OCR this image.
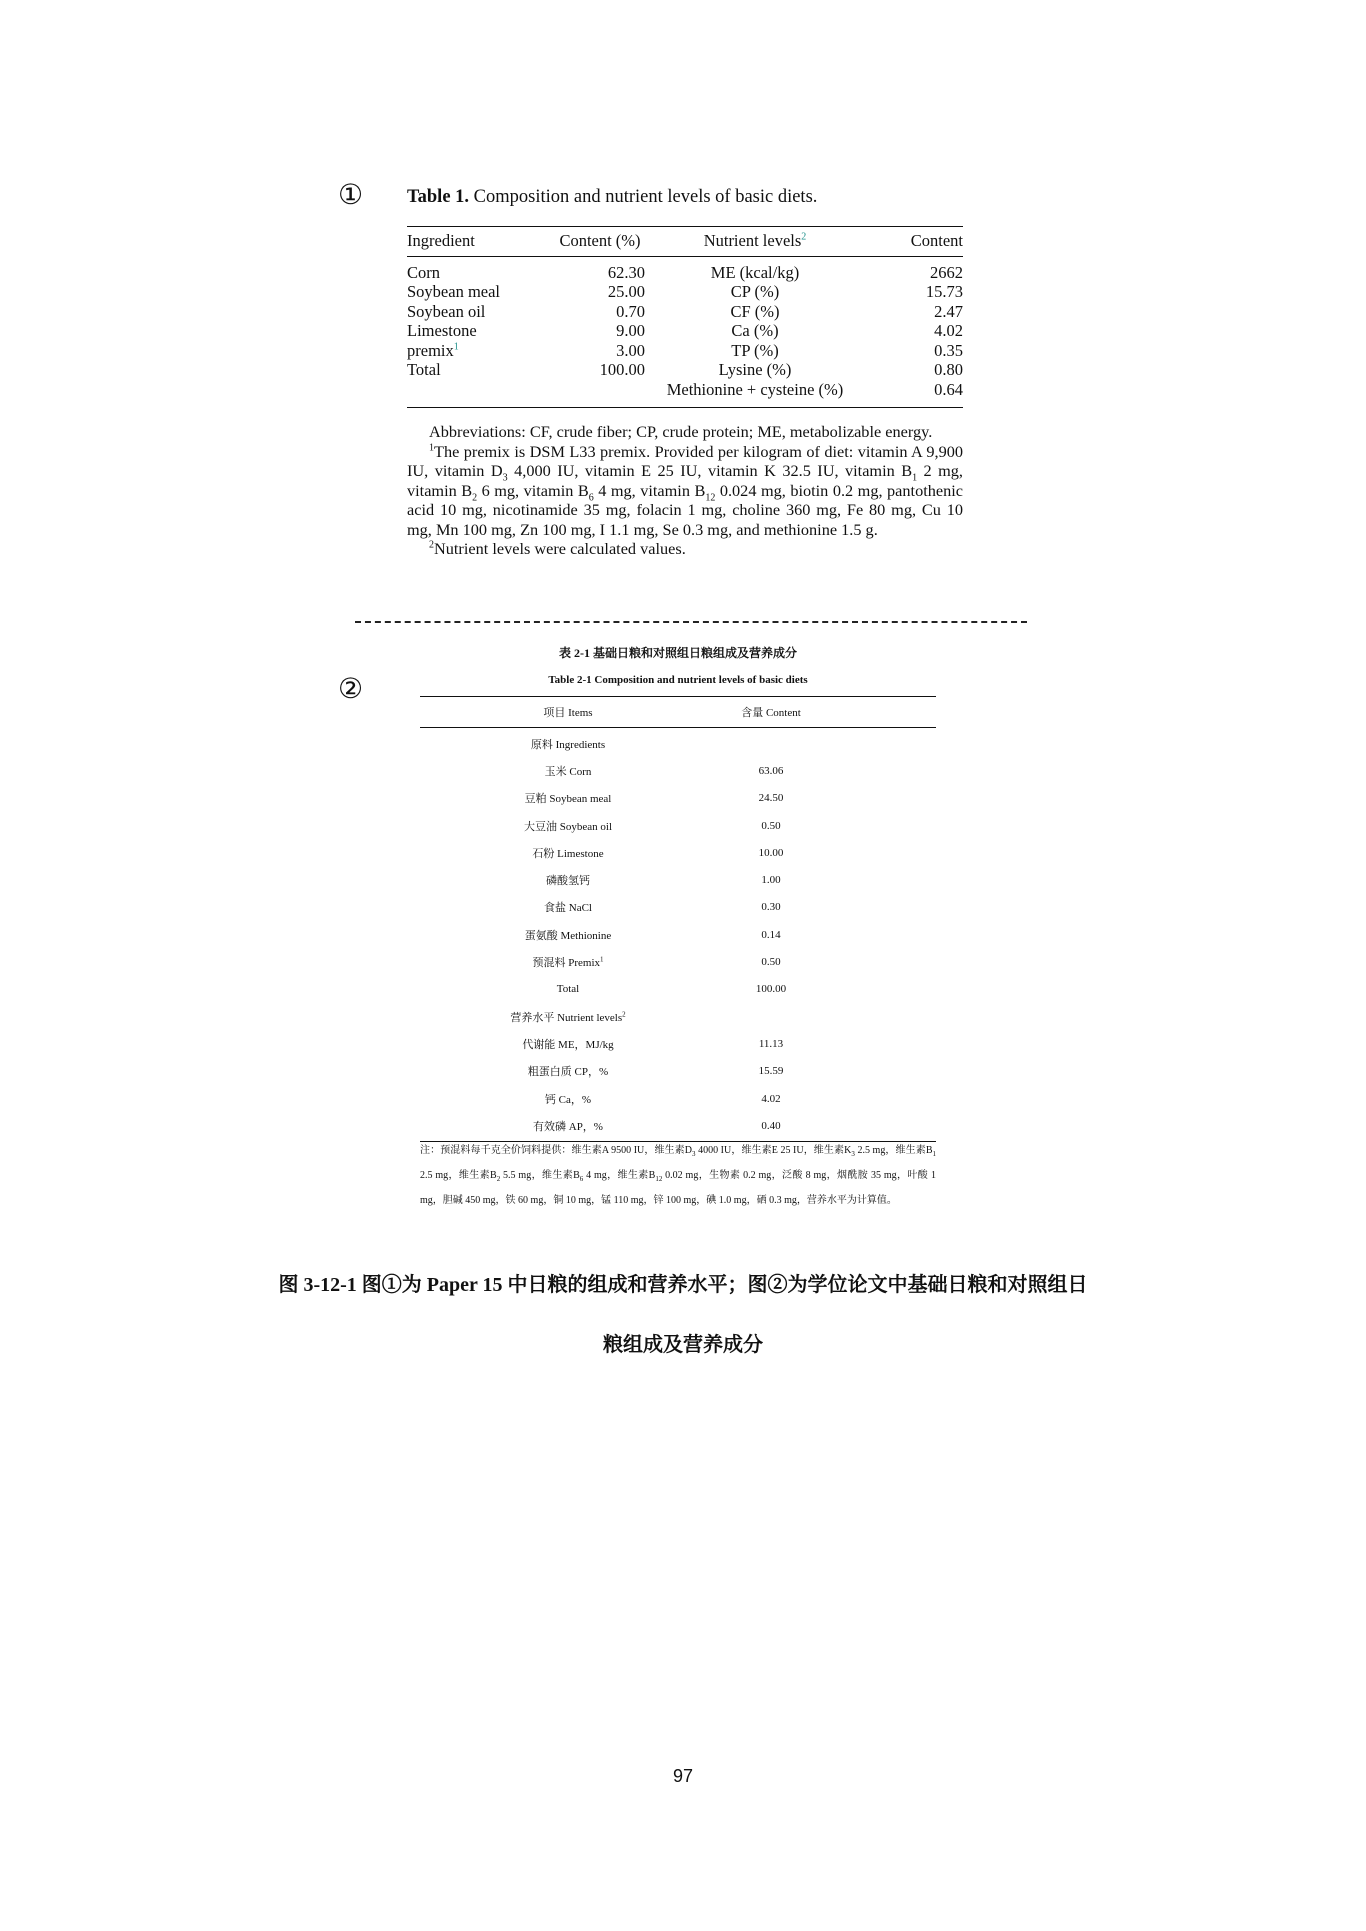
① Table 1. Composition and nutrient levels of basic diets.
Ingredient	Content (%)	Nutrient levels$^2$	Content
Corn	62.30	ME (kcal/kg)	2662
Soybean meal	25.00	CP (%)	15.73
Soybean oil	0.70	CF (%)	2.47
Limestone	9.00	Ca (%)	4.02
premix$^1$	3.00	TP (%)	0.35
Total	100.00	Lysine (%)	0.80
		Methionine + cysteine (%)	0.64

Abbreviations: CF, crude fiber; CP, crude protein; ME, metabolizable energy.

$^1$The premix is DSM L33 premix. Provided per kilogram of diet: vitamin A 9,900 IU, vitamin $D_3$ 4,000 IU, vitamin E 25 IU, vitamin K 32.5 IU, vitamin $B_1$ 2 mg, vitamin $B_2$ 6 mg, vitamin $B_6$ 4 mg, vitamin $B_{12}$ 0.024 mg, biotin 0.2 mg, pantothenic acid 10 mg, nicotinamide 35 mg, folacin 1 mg, choline 360 mg, Fe 80 mg, Cu 10 mg, Mn 100 mg, Zn 100 mg, I 1.1 mg, Se 0.3 mg, and methionine 1.5 g.

$^2$Nutrient levels were calculated values.

②
表 2-1 基础日粮和对照组日粮组成及营养成分
Table 2-1 Composition and nutrient levels of basic diets
项目 Items	含量 Content
原料 Ingredients
玉米 Corn	63.06
豆粕 Soybean meal	24.50
大豆油 Soybean oil	0.50
石粉 Limestone	10.00
磷酸氢钙	1.00
食盐 NaCl	0.30
蛋氨酸 Methionine	0.14
预混料 Premix$^1$	0.50
Total	100.00
营养水平 Nutrient levels$^2$
代谢能 ME，MJ/kg	11.13
粗蛋白质 CP，%	15.59
钙 Ca，%	4.02
有效磷 AP，%	0.40
注：预混料每千克全价饲料提供：维生素A 9500 IU，维生素$D_3$ 4000 IU，维生素E 25 IU，维生素$K_3$ 2.5 mg，维生素$B_1$ 2.5 mg，维生素$B_2$ 5.5 mg，维生素$B_6$ 4 mg，维生素$B_{12}$ 0.02 mg，生物素 0.2 mg，泛酸 8 mg，烟酰胺 35 mg，叶酸 1 mg，胆碱 450 mg，铁 60 mg，铜 10 mg，锰 110 mg，锌 100 mg，碘 1.0 mg，硒 0.3 mg，营养水平为计算值。
图 3-12-1 图①为 Paper 15 中日粮的组成和营养水平；图②为学位论文中基础日粮和对照组日
粮组成及营养成分
97
